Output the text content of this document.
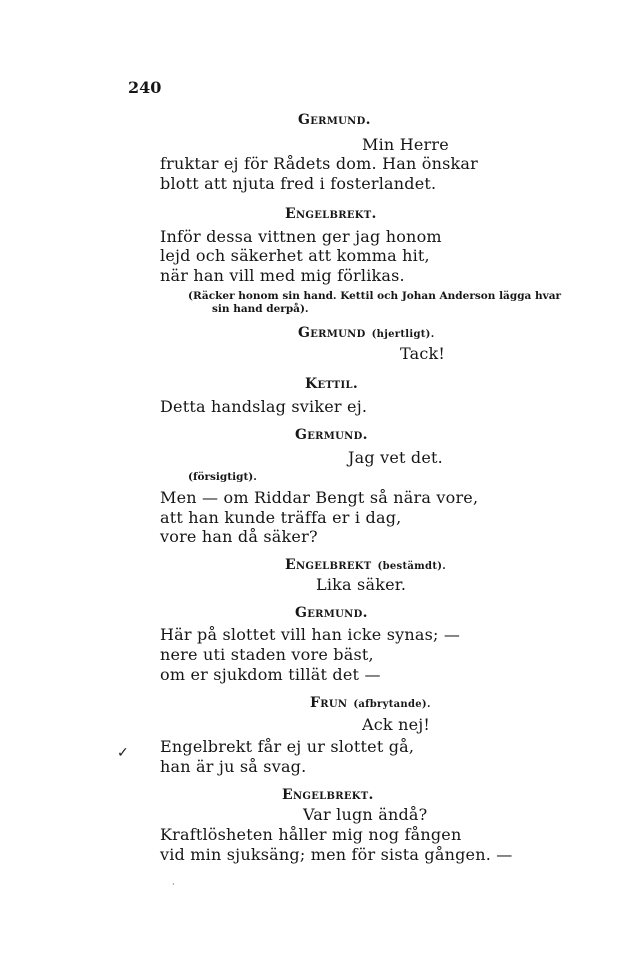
240
Germund.
Min Herre
fruktar ej för Rådets dom. Han önskar
blott att njuta fred i fosterlandet.
Engelbrekt.
Inför dessa vittnen ger jag honom
lejd och säkerhet att komma hit,
när han vill med mig förlikas.
(Räcker honom sin hand. Kettil och Johan Anderson lägga hvar
sin hand derpå).
Germund (hjertligt).
Tack!
Kettil.
Detta handslag sviker ej.
Germund.
Jag vet det.
(försigtigt).
Men — om Riddar Bengt så nära vore,
att han kunde träffa er i dag,
vore han då säker?
Engelbrekt (bestämdt).
Lika säker.
Germund.
Här på slottet vill han icke synas; —
nere uti staden vore bäst,
om er sjukdom tillät det —
Frun (afbrytande).
Ack nej!
Engelbrekt får ej ur slottet gå,
han är ju så svag.
Engelbrekt.
Var lugn ändå?
Kraftlösheten håller mig nog fången
vid min sjuksäng; men för sista gången. —
✓
·
